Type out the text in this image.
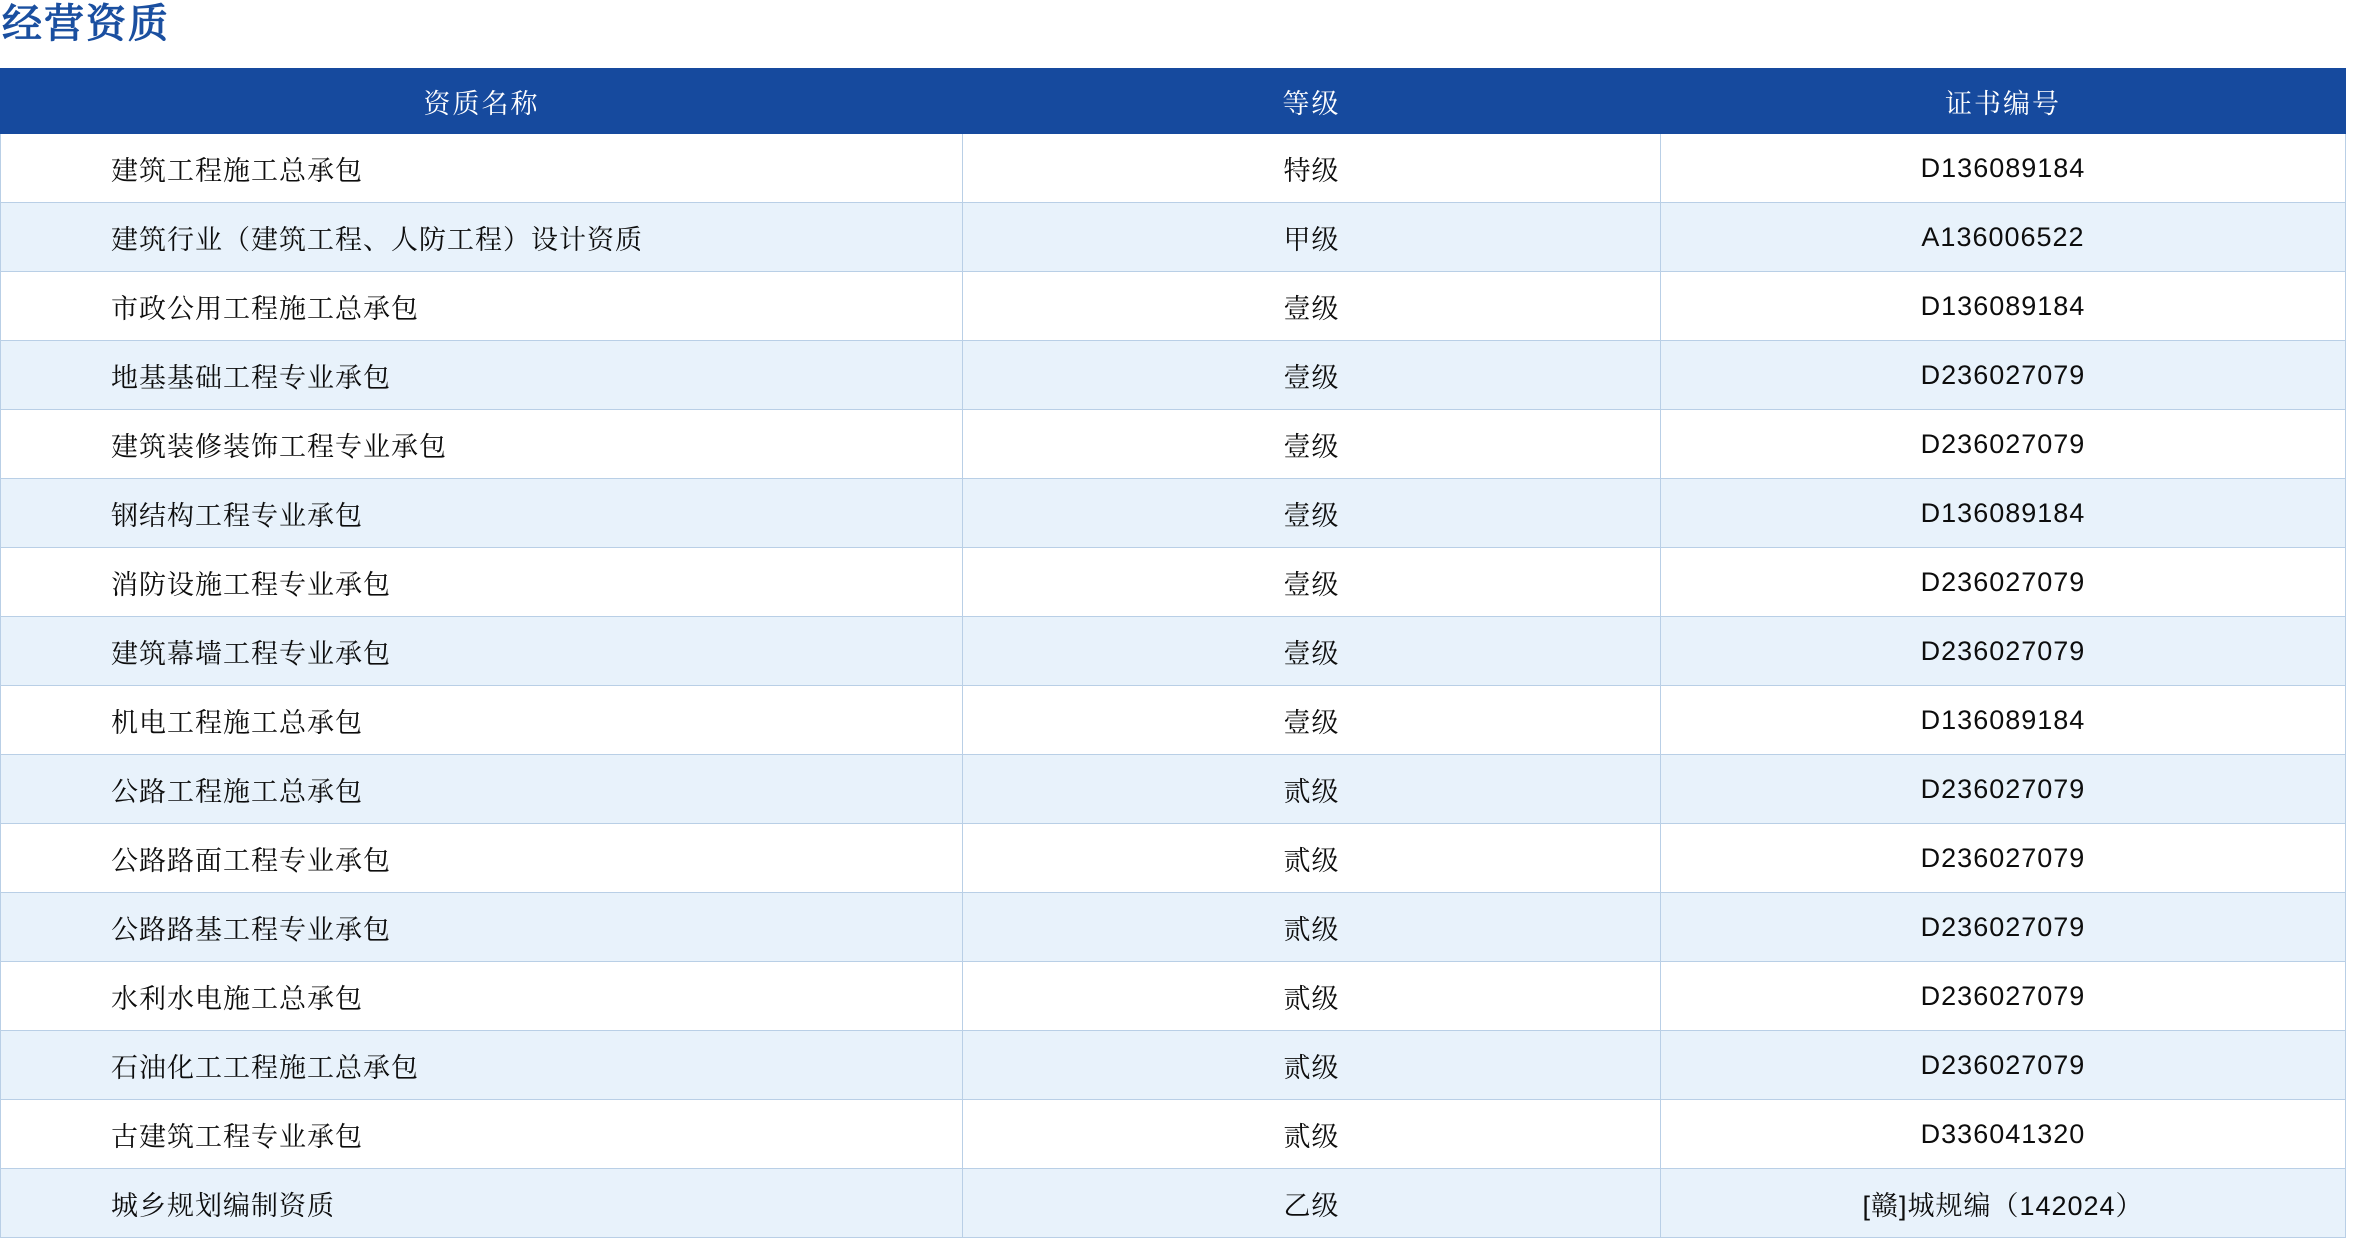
经营资质
资质名称	等级	证书编号
建筑工程施工总承包	特级	D136089184
建筑行业（建筑工程、人防工程）设计资质	甲级	A136006522
市政公用工程施工总承包	壹级	D136089184
地基基础工程专业承包	壹级	D236027079
建筑装修装饰工程专业承包	壹级	D236027079
钢结构工程专业承包	壹级	D136089184
消防设施工程专业承包	壹级	D236027079
建筑幕墙工程专业承包	壹级	D236027079
机电工程施工总承包	壹级	D136089184
公路工程施工总承包	贰级	D236027079
公路路面工程专业承包	贰级	D236027079
公路路基工程专业承包	贰级	D236027079
水利水电施工总承包	贰级	D236027079
石油化工工程施工总承包	贰级	D236027079
古建筑工程专业承包	贰级	D336041320
城乡规划编制资质	乙级	[赣]城规编（142024）
